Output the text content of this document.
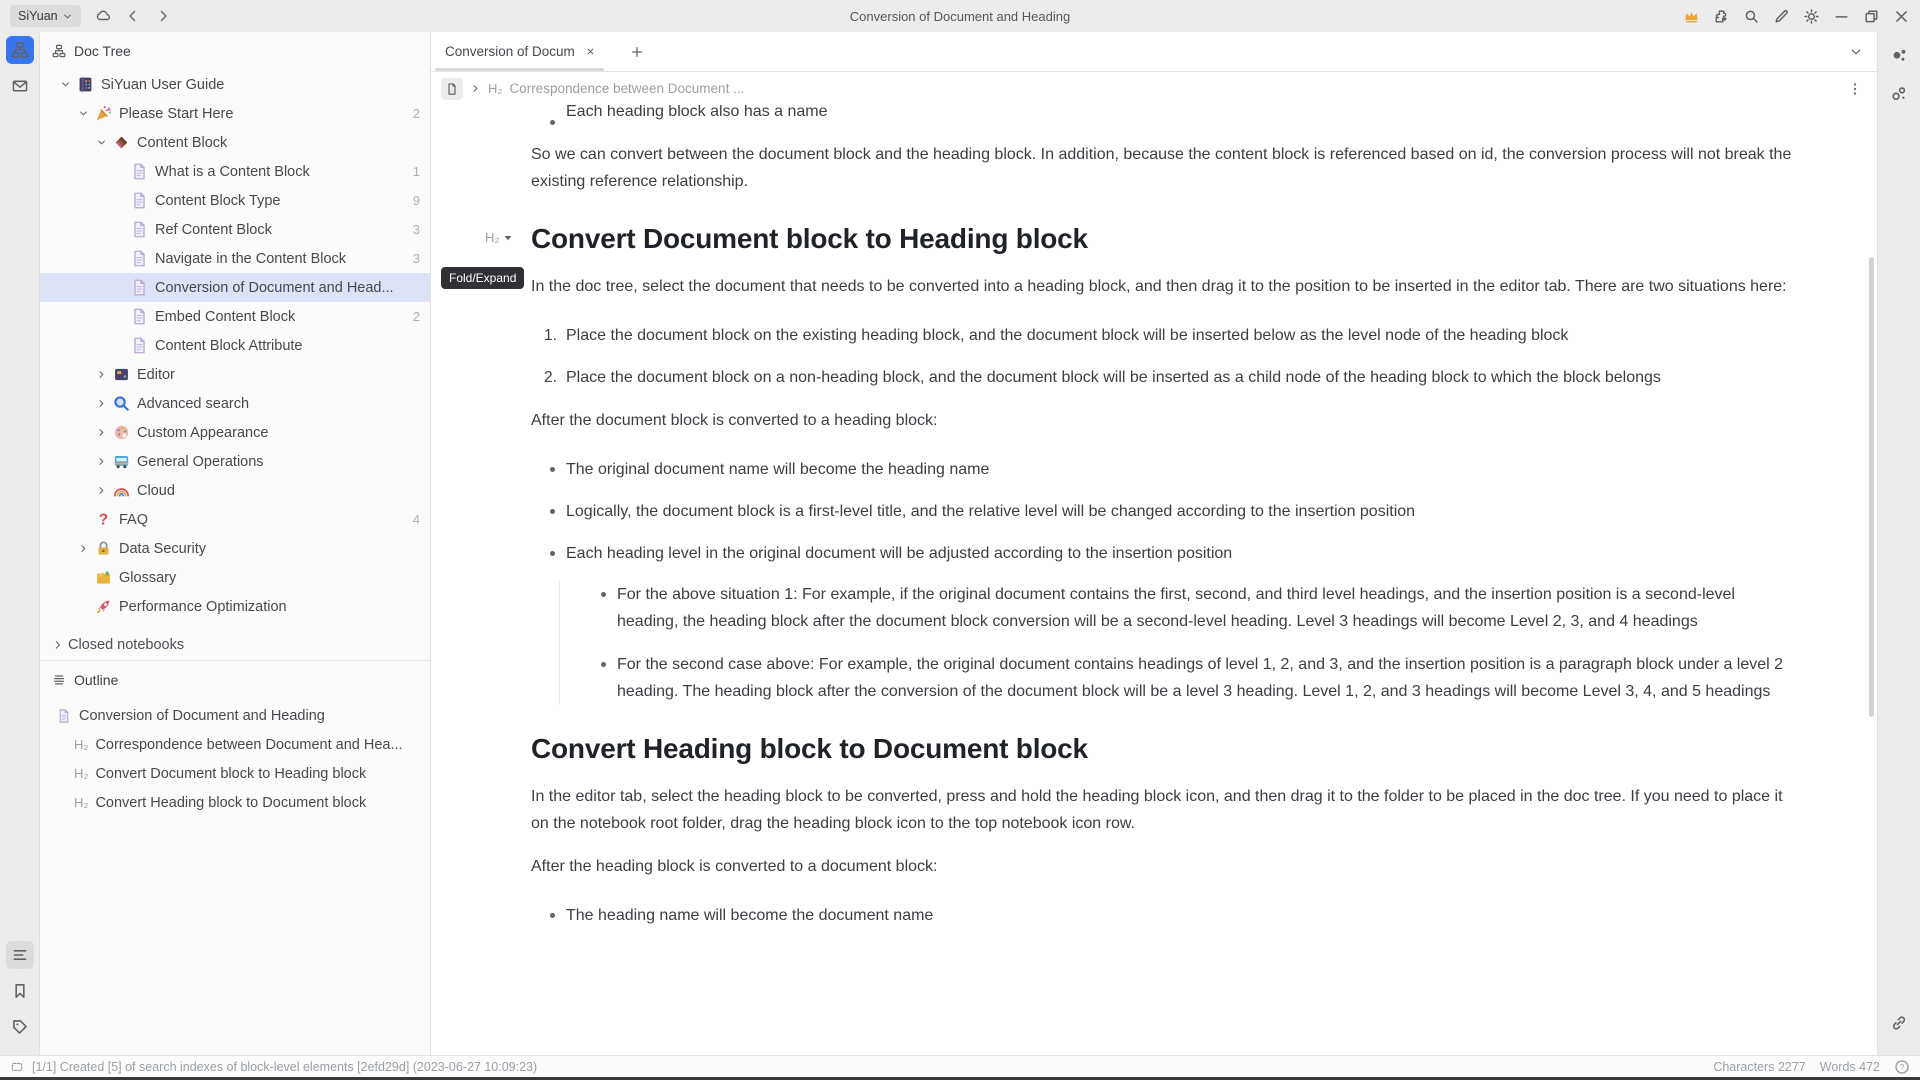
SiYuan	Conversion of Document and Heading
Doc Tree
SiYuan User Guide
Please Start Here	2
Content Block
What is a Content Block	1
Content Block Type	9
Ref Content Block	3
Navigate in the Content Block	3
Conversion of Document and Head...
Embed Content Block	2
Content Block Attribute
Editor
Advanced search
Custom Appearance
General Operations
Cloud
? FAQ	4
Data Security
Glossary
Performance Optimization
Closed notebooks
Outline
Conversion of Document and Heading
H₂ Correspondence between Document and Hea...
H₂ Convert Document block to Heading block
H₂ Convert Heading block to Document block
Conversion of Docum
H₂ Correspondence between Document ...
Each heading block also has a name
So we can convert between the document block and the heading block. In addition, because the content block is referenced based on id, the conversion process will not break the existing reference relationship.
H₂
Fold/Expand
Convert Document block to Heading block
In the doc tree, select the document that needs to be converted into a heading block, and then drag it to the position to be inserted in the editor tab. There are two situations here:
1. Place the document block on the existing heading block, and the document block will be inserted below as the level node of the heading block
2. Place the document block on a non-heading block, and the document block will be inserted as a child node of the heading block to which the block belongs
After the document block is converted to a heading block:
The original document name will become the heading name
Logically, the document block is a first-level title, and the relative level will be changed according to the insertion position
Each heading level in the original document will be adjusted according to the insertion position
For the above situation 1: For example, if the original document contains the first, second, and third level headings, and the insertion position is a second-level heading, the heading block after the document block conversion will be a second-level heading. Level 3 headings will become Level 2, 3, and 4 headings
For the second case above: For example, the original document contains headings of level 1, 2, and 3, and the insertion position is a paragraph block under a level 2 heading. The heading block after the conversion of the document block will be a level 3 heading. Level 1, 2, and 3 headings will become Level 3, 4, and 5 headings
Convert Heading block to Document block
In the editor tab, select the heading block to be converted, press and hold the heading block icon, and then drag it to the folder to be placed in the doc tree. If you need to place it on the notebook root folder, drag the heading block icon to the top notebook icon row.
After the heading block is converted to a document block:
The heading name will become the document name
[1/1] Created [5] of search indexes of block-level elements [2efd29d] (2023-06-27 10:09:23)	Characters 2277 Words 472 ?
